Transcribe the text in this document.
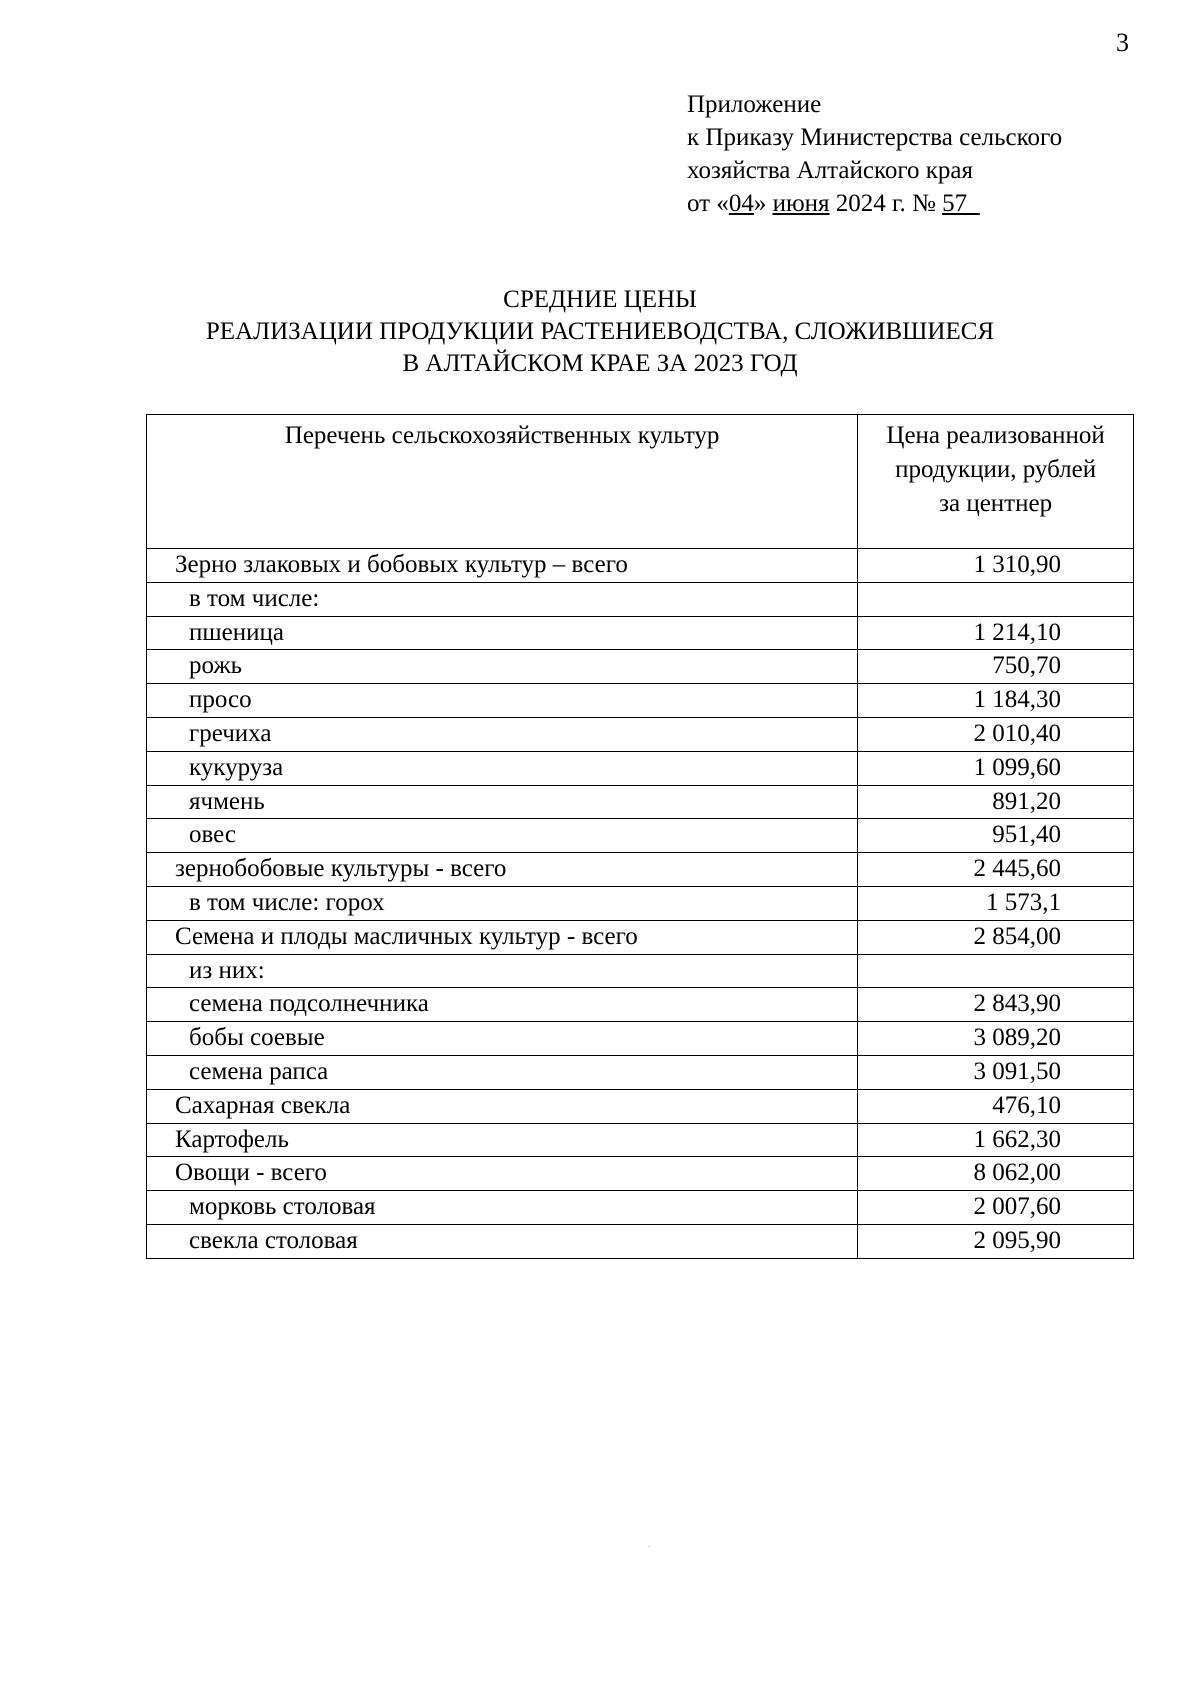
3
Приложение
к Приказу Министерства сельского
хозяйства Алтайского края
от «04» июня 2024 г. № 57_
СРЕДНИЕ ЦЕНЫ
РЕАЛИЗАЦИИ ПРОДУКЦИИ РАСТЕНИЕВОДСТВА, СЛОЖИВШИЕСЯ
В АЛТАЙСКОМ КРАЕ ЗА 2023 ГОД
Перечень сельскохозяйственных культур	Цена реализованной
продукции, рублей
за центнер

Зерно злаковых и бобовых культур – всего	1 310,90
в том числе:	
пшеница	1 214,10
рожь	750,70
просо	1 184,30
гречиха	2 010,40
кукуруза	1 099,60
ячмень	891,20
овес	951,40
зернобобовые культуры - всего	2 445,60
в том числе: горох	1 573,1
Семена и плоды масличных культур - всего	2 854,00
из них:	
семена подсолнечника	2 843,90
бобы соевые	3 089,20
семена рапса	3 091,50
Сахарная свекла	476,10
Картофель	1 662,30
Овощи - всего	8 062,00
морковь столовая	2 007,60
свекла столовая	2 095,90
